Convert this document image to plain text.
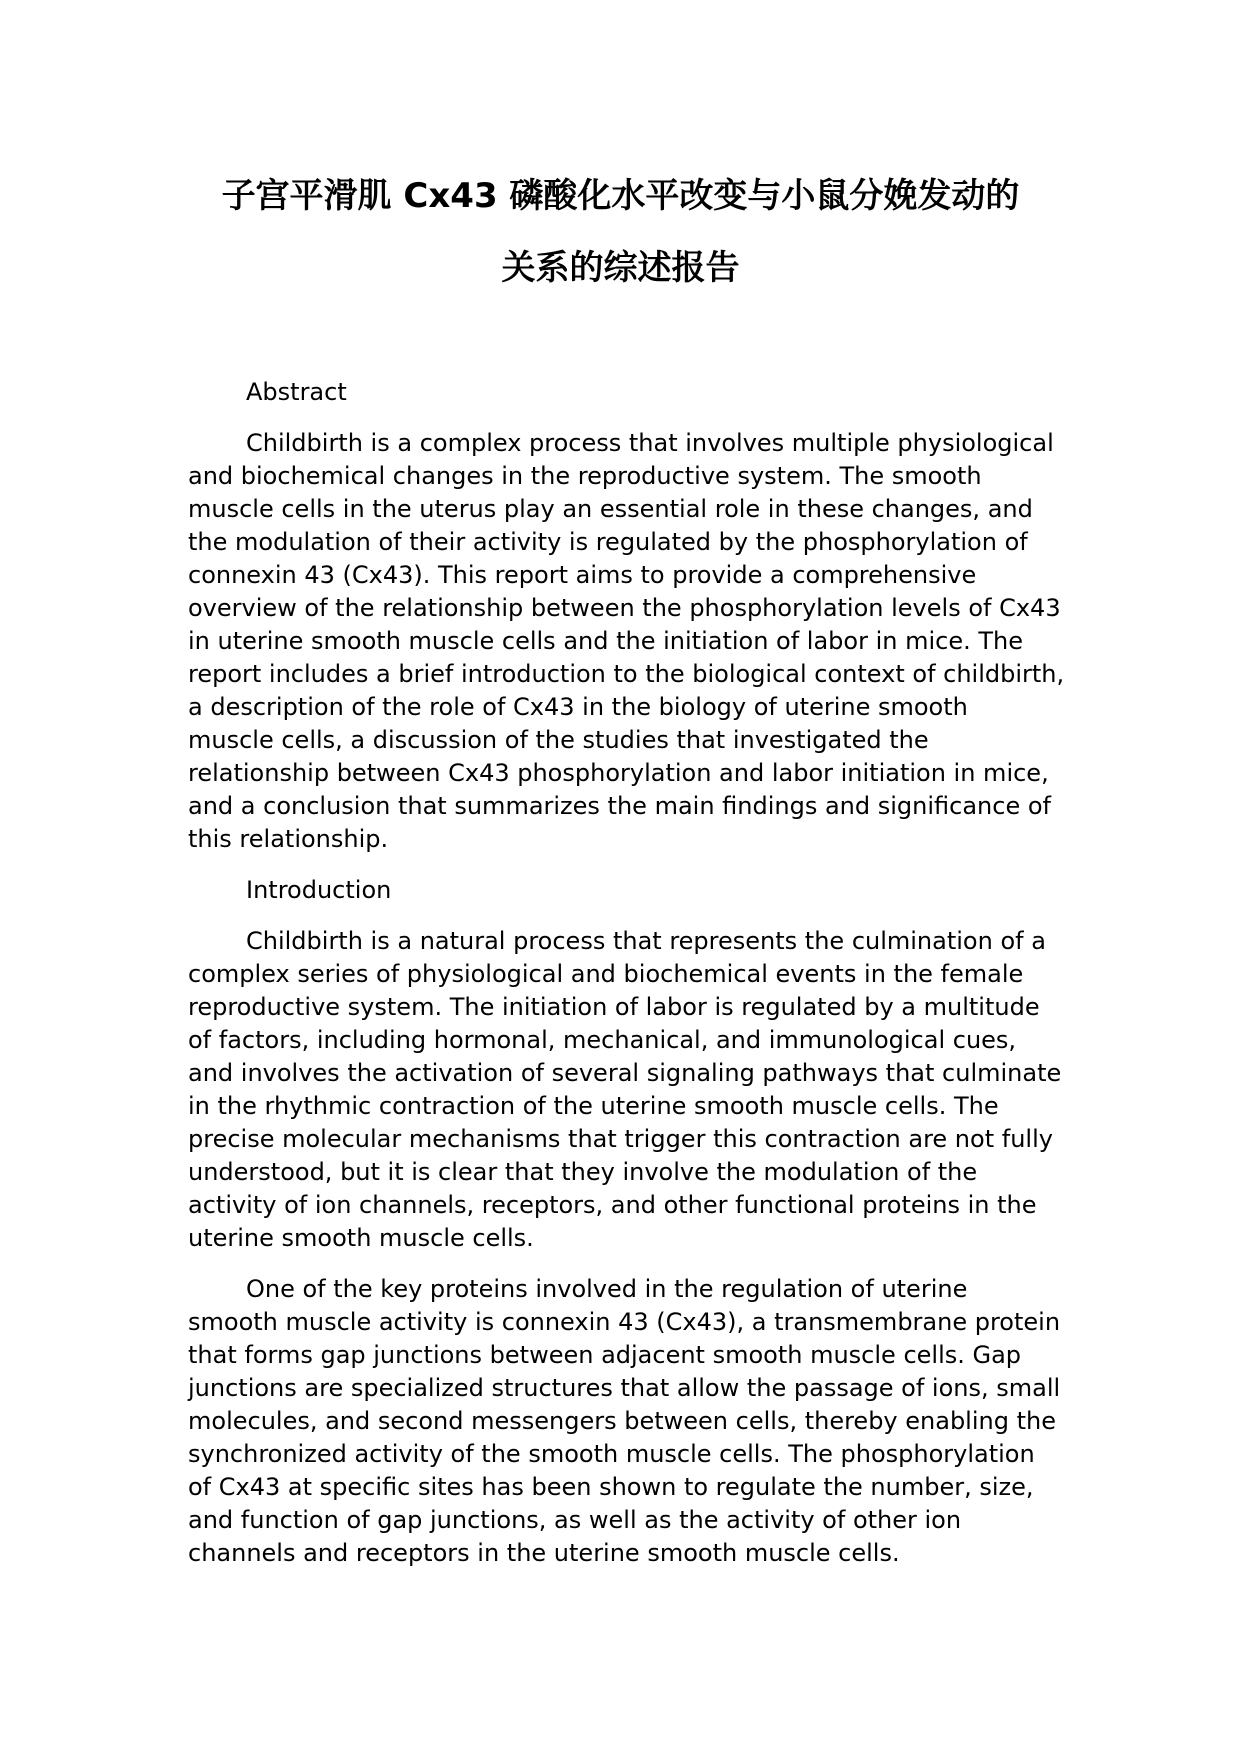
子宫平滑肌 Cx43 磷酸化水平改变与小鼠分娩发动的

关系的综述报告

Abstract

Childbirth is a complex process that involves multiple physiological
and biochemical changes in the reproductive system. The smooth
muscle cells in the uterus play an essential role in these changes, and
the modulation of their activity is regulated by the phosphorylation of
connexin 43 (Cx43). This report aims to provide a comprehensive
overview of the relationship between the phosphorylation levels of Cx43
in uterine smooth muscle cells and the initiation of labor in mice. The
report includes a brief introduction to the biological context of childbirth,
a description of the role of Cx43 in the biology of uterine smooth
muscle cells, a discussion of the studies that investigated the
relationship between Cx43 phosphorylation and labor initiation in mice,
and a conclusion that summarizes the main findings and significance of
this relationship.

Introduction

Childbirth is a natural process that represents the culmination of a
complex series of physiological and biochemical events in the female
reproductive system. The initiation of labor is regulated by a multitude
of factors, including hormonal, mechanical, and immunological cues,
and involves the activation of several signaling pathways that culminate
in the rhythmic contraction of the uterine smooth muscle cells. The
precise molecular mechanisms that trigger this contraction are not fully
understood, but it is clear that they involve the modulation of the
activity of ion channels, receptors, and other functional proteins in the
uterine smooth muscle cells.
One of the key proteins involved in the regulation of uterine
smooth muscle activity is connexin 43 (Cx43), a transmembrane protein
that forms gap junctions between adjacent smooth muscle cells. Gap
junctions are specialized structures that allow the passage of ions, small
molecules, and second messengers between cells, thereby enabling the
synchronized activity of the smooth muscle cells. The phosphorylation
of Cx43 at specific sites has been shown to regulate the number, size,
and function of gap junctions, as well as the activity of other ion
channels and receptors in the uterine smooth muscle cells.
